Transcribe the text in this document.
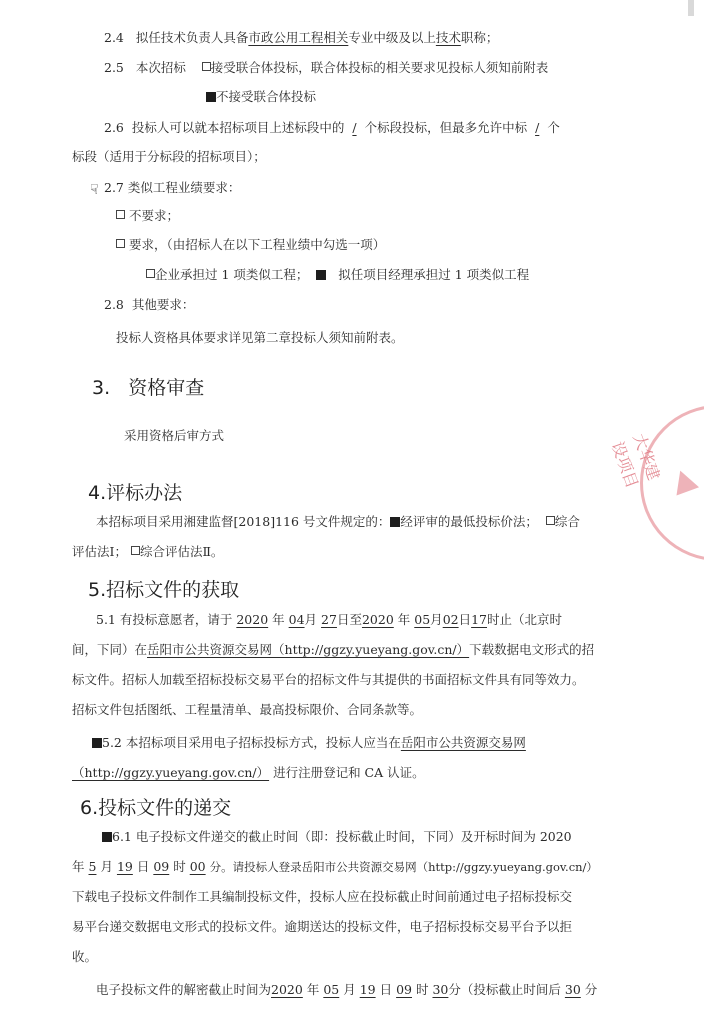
大华建设项目
2.4 拟任技术负责人具备市政公用工程相关专业中级及以上技术职称；
2.5 本次招标 接受联合体投标，联合体投标的相关要求见投标人须知前附表
不接受联合体投标
2.6 投标人可以就本招标项目上述标段中的 / 个标段投标，但最多允许中标 / 个
标段（适用于分标段的招标项目）；
☟ 2.7 类似工程业绩要求：
不要求；
要求，（由招标人在以下工程业绩中勾选一项）
企业承担过 1 项类似工程； 拟任项目经理承担过 1 项类似工程
2.8 其他要求：
投标人资格具体要求详见第二章投标人须知前附表。
3. 资格审查
采用资格后审方式
4.评标办法
本招标项目采用湘建监督[2018]116 号文件规定的： 经评审的最低投标价法； 综合
评估法Ⅰ； 综合评估法Ⅱ。
5.招标文件的获取
5.1 有投标意愿者，请于 2020 年 04月 27日至2020 年 05月02日17时止（北京时
间，下同）在岳阳市公共资源交易网（http://ggzy.yueyang.gov.cn/）下载数据电文形式的招
标文件。招标人加载至招标投标交易平台的招标文件与其提供的书面招标文件具有同等效力。
招标文件包括图纸、工程量清单、最高投标限价、合同条款等。
5.2 本招标项目采用电子招标投标方式，投标人应当在岳阳市公共资源交易网
（http://ggzy.yueyang.gov.cn/） 进行注册登记和 CA 认证。
6.投标文件的递交
6.1 电子投标文件递交的截止时间（即：投标截止时间，下同）及开标时间为 2020
年 5 月 19 日 09 时 00 分。请投标人登录岳阳市公共资源交易网（http://ggzy.yueyang.gov.cn/）
下载电子投标文件制作工具编制投标文件，投标人应在投标截止时间前通过电子招标投标交
易平台递交数据电文形式的投标文件。逾期送达的投标文件，电子招标投标交易平台予以拒
收。
电子投标文件的解密截止时间为2020 年 05 月 19 日 09 时 30分（投标截止时间后 30 分
